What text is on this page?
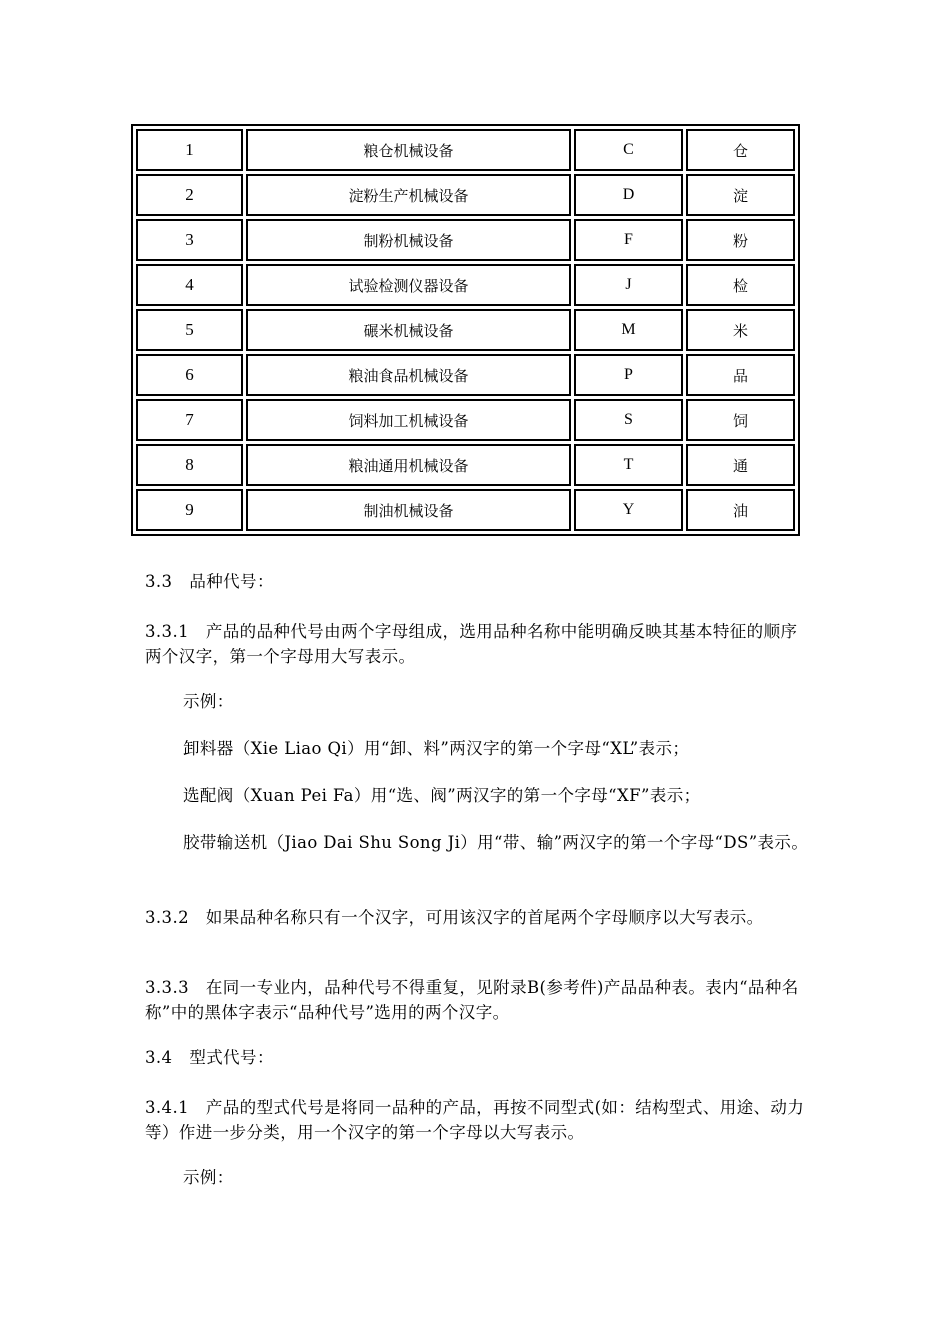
1	粮仓机械设备	C	仓
2	淀粉生产机械设备	D	淀
3	制粉机械设备	F	粉
4	试验检测仪器设备	J	检
5	碾米机械设备	M	米
6	粮油食品机械设备	P	品
7	饲料加工机械设备	S	饲
8	粮油通用机械设备	T	通
9	制油机械设备	Y	油

3.3　品种代号：

3.3.1　产品的品种代号由两个字母组成，选用品种名称中能明确反映其基本特征的顺序两个汉字，第一个字母用大写表示。

示例：

卸料器（Xie Liao Qi）用“卸、料”两汉字的第一个字母“XL”表示；

选配阀（Xuan Pei Fa）用“选、阀”两汉字的第一个字母“XF”表示；

胶带输送机（Jiao Dai Shu Song Ji）用“带、输”两汉字的第一个字母“DS”表示。

3.3.2　如果品种名称只有一个汉字，可用该汉字的首尾两个字母顺序以大写表示。

3.3.3　在同一专业内，品种代号不得重复，见附录B(参考件)产品品种表。表内“品种名称”中的黑体字表示“品种代号”选用的两个汉字。

3.4　型式代号：

3.4.1　产品的型式代号是将同一品种的产品，再按不同型式(如：结构型式、用途、动力等）作进一步分类，用一个汉字的第一个字母以大写表示。

示例：
